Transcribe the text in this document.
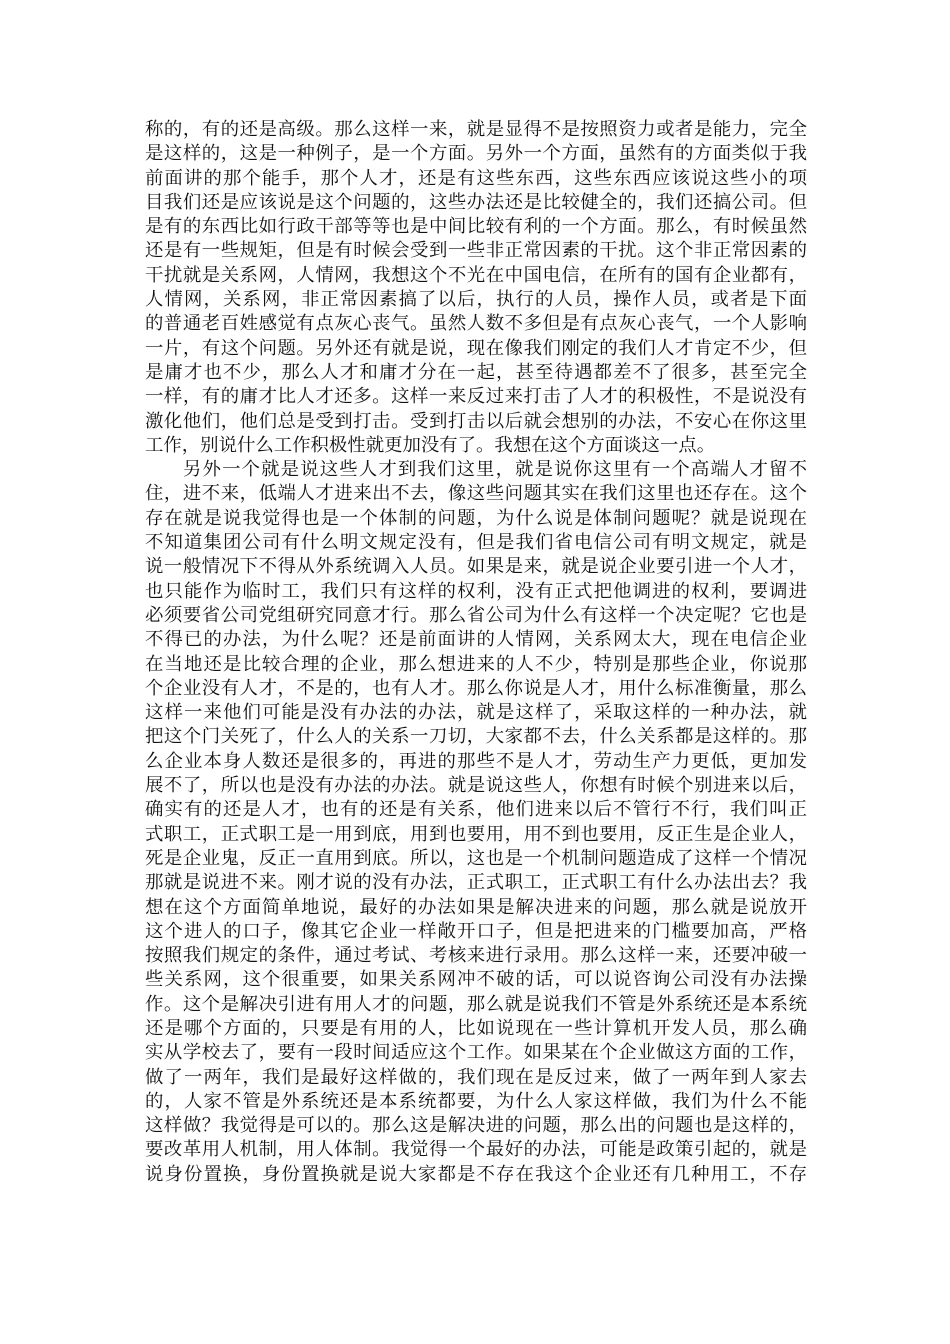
称的，有的还是高级。那么这样一来，就是显得不是按照资力或者是能力，完全
是这样的，这是一种例子，是一个方面。另外一个方面，虽然有的方面类似于我
前面讲的那个能手，那个人才，还是有这些东西，这些东西应该说这些小的项
目我们还是应该说是这个问题的，这些办法还是比较健全的，我们还搞公司。但
是有的东西比如行政干部等等也是中间比较有利的一个方面。那么，有时候虽然
还是有一些规矩，但是有时候会受到一些非正常因素的干扰。这个非正常因素的
干扰就是关系网，人情网，我想这个不光在中国电信，在所有的国有企业都有，
人情网，关系网，非正常因素搞了以后，执行的人员，操作人员，或者是下面
的普通老百姓感觉有点灰心丧气。虽然人数不多但是有点灰心丧气，一个人影响
一片，有这个问题。另外还有就是说，现在像我们刚定的我们人才肯定不少，但
是庸才也不少，那么人才和庸才分在一起，甚至待遇都差不了很多，甚至完全
一样，有的庸才比人才还多。这样一来反过来打击了人才的积极性，不是说没有
激化他们，他们总是受到打击。受到打击以后就会想别的办法，不安心在你这里
工作，别说什么工作积极性就更加没有了。我想在这个方面谈这一点。
另外一个就是说这些人才到我们这里，就是说你这里有一个高端人才留不
住，进不来，低端人才进来出不去，像这些问题其实在我们这里也还存在。这个
存在就是说我觉得也是一个体制的问题，为什么说是体制问题呢？就是说现在
不知道集团公司有什么明文规定没有，但是我们省电信公司有明文规定，就是
说一般情况下不得从外系统调入人员。如果是来，就是说企业要引进一个人才，
也只能作为临时工，我们只有这样的权利，没有正式把他调进的权利，要调进
必须要省公司党组研究同意才行。那么省公司为什么有这样一个决定呢？它也是
不得已的办法，为什么呢？还是前面讲的人情网，关系网太大，现在电信企业
在当地还是比较合理的企业，那么想进来的人不少，特别是那些企业，你说那
个企业没有人才，不是的，也有人才。那么你说是人才，用什么标准衡量，那么
这样一来他们可能是没有办法的办法，就是这样了，采取这样的一种办法，就
把这个门关死了，什么人的关系一刀切，大家都不去，什么关系都是这样的。那
么企业本身人数还是很多的，再进的那些不是人才，劳动生产力更低，更加发
展不了，所以也是没有办法的办法。就是说这些人，你想有时候个别进来以后，
确实有的还是人才，也有的还是有关系，他们进来以后不管行不行，我们叫正
式职工，正式职工是一用到底，用到也要用，用不到也要用，反正生是企业人，
死是企业鬼，反正一直用到底。所以，这也是一个机制问题造成了这样一个情况
那就是说进不来。刚才说的没有办法，正式职工，正式职工有什么办法出去？我
想在这个方面简单地说，最好的办法如果是解决进来的问题，那么就是说放开
这个进人的口子，像其它企业一样敞开口子，但是把进来的门槛要加高，严格
按照我们规定的条件，通过考试、考核来进行录用。那么这样一来，还要冲破一
些关系网，这个很重要，如果关系网冲不破的话，可以说咨询公司没有办法操
作。这个是解决引进有用人才的问题，那么就是说我们不管是外系统还是本系统
还是哪个方面的，只要是有用的人，比如说现在一些计算机开发人员，那么确
实从学校去了，要有一段时间适应这个工作。如果某在个企业做这方面的工作，
做了一两年，我们是最好这样做的，我们现在是反过来，做了一两年到人家去
的，人家不管是外系统还是本系统都要，为什么人家这样做，我们为什么不能
这样做？我觉得是可以的。那么这是解决进的问题，那么出的问题也是这样的，
要改革用人机制，用人体制。我觉得一个最好的办法，可能是政策引起的，就是
说身份置换，身份置换就是说大家都是不存在我这个企业还有几种用工，不存
